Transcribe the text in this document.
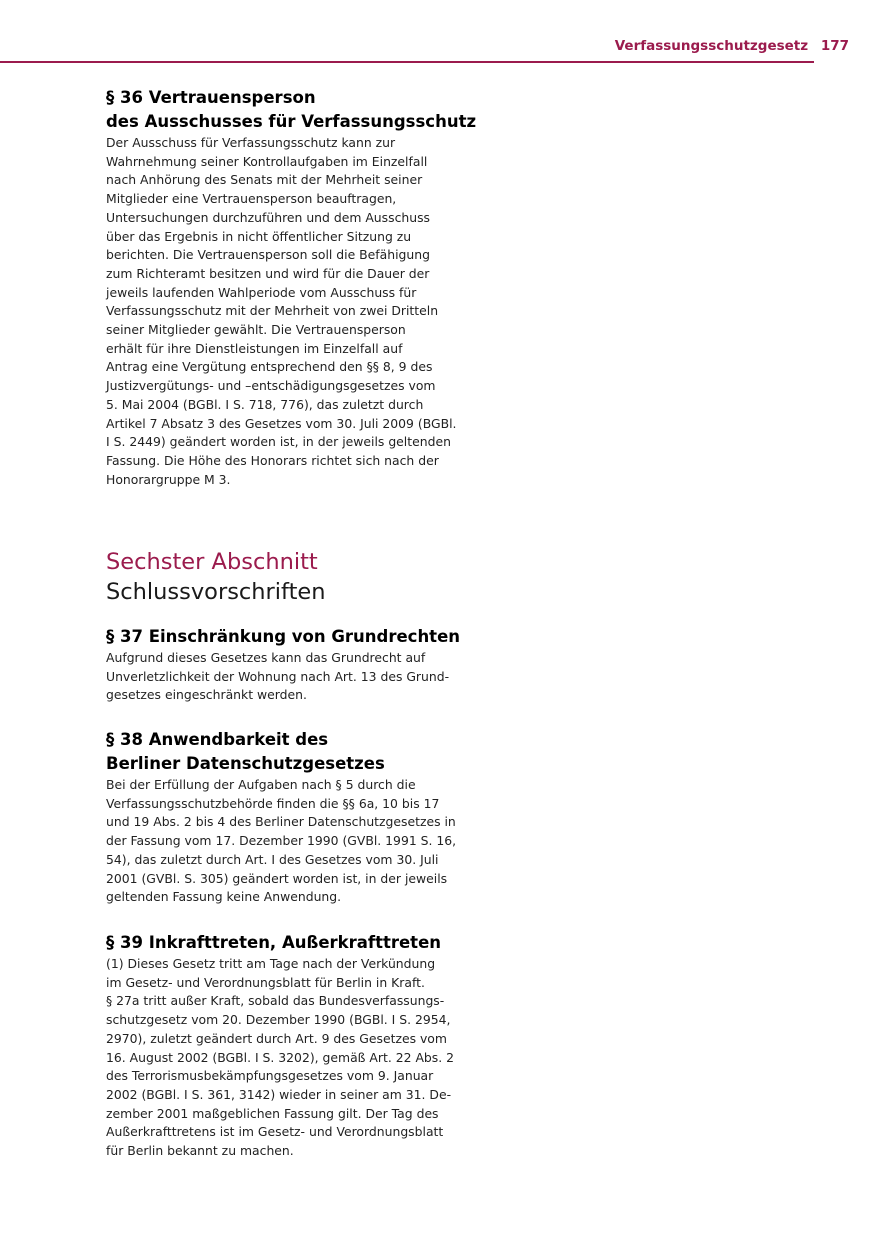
Verfassungsschutzgesetz 177
§ 36 Vertrauensperson
des Ausschusses für Verfassungsschutz

Der Ausschuss für Verfassungsschutz kann zur
Wahrnehmung seiner Kontrollaufgaben im Einzelfall
nach Anhörung des Senats mit der Mehrheit seiner
Mitglieder eine Vertrauensperson beauftragen,
Untersuchungen durchzuführen und dem Ausschuss
über das Ergebnis in nicht öffentlicher Sitzung zu
berichten. Die Vertrauensperson soll die Befähigung
zum Richteramt besitzen und wird für die Dauer der
jeweils laufenden Wahlperiode vom Ausschuss für
Verfassungsschutz mit der Mehrheit von zwei Dritteln
seiner Mitglieder gewählt. Die Vertrauensperson
erhält für ihre Dienstleistungen im Einzelfall auf
Antrag eine Vergütung entsprechend den §§ 8, 9 des
Justizvergütungs- und –entschädigungsgesetzes vom
5. Mai 2004 (BGBl. I S. 718, 776), das zuletzt durch
Artikel 7 Absatz 3 des Gesetzes vom 30. Juli 2009 (BGBl.
I S. 2449) geändert worden ist, in der jeweils geltenden
Fassung. Die Höhe des Honorars richtet sich nach der
Honorargruppe M 3.

Sechster Abschnitt
Schlussvorschriften
§ 37 Einschränkung von Grundrechten

Aufgrund dieses Gesetzes kann das Grundrecht auf
Unverletzlichkeit der Wohnung nach Art. 13 des Grund-
gesetzes eingeschränkt werden.

§ 38 Anwendbarkeit des
Berliner Datenschutzgesetzes

Bei der Erfüllung der Aufgaben nach § 5 durch die
Verfassungsschutzbehörde finden die §§ 6a, 10 bis 17
und 19 Abs. 2 bis 4 des Berliner Datenschutzgesetzes in
der Fassung vom 17. Dezember 1990 (GVBl. 1991 S. 16,
54), das zuletzt durch Art. I des Gesetzes vom 30. Juli
2001 (GVBl. S. 305) geändert worden ist, in der jeweils
geltenden Fassung keine Anwendung.

§ 39 Inkrafttreten, Außerkrafttreten

(1) Dieses Gesetz tritt am Tage nach der Verkündung
im Gesetz- und Verordnungsblatt für Berlin in Kraft.
§ 27a tritt außer Kraft, sobald das Bundesverfassungs-
schutzgesetz vom 20. Dezember 1990 (BGBl. I S. 2954,
2970), zuletzt geändert durch Art. 9 des Gesetzes vom
16. August 2002 (BGBl. I S. 3202), gemäß Art. 22 Abs. 2
des Terrorismusbekämpfungsgesetzes vom 9. Januar
2002 (BGBl. I S. 361, 3142) wieder in seiner am 31. De-
zember 2001 maßgeblichen Fassung gilt. Der Tag des
Außerkrafttretens ist im Gesetz- und Verordnungsblatt
für Berlin bekannt zu machen.
